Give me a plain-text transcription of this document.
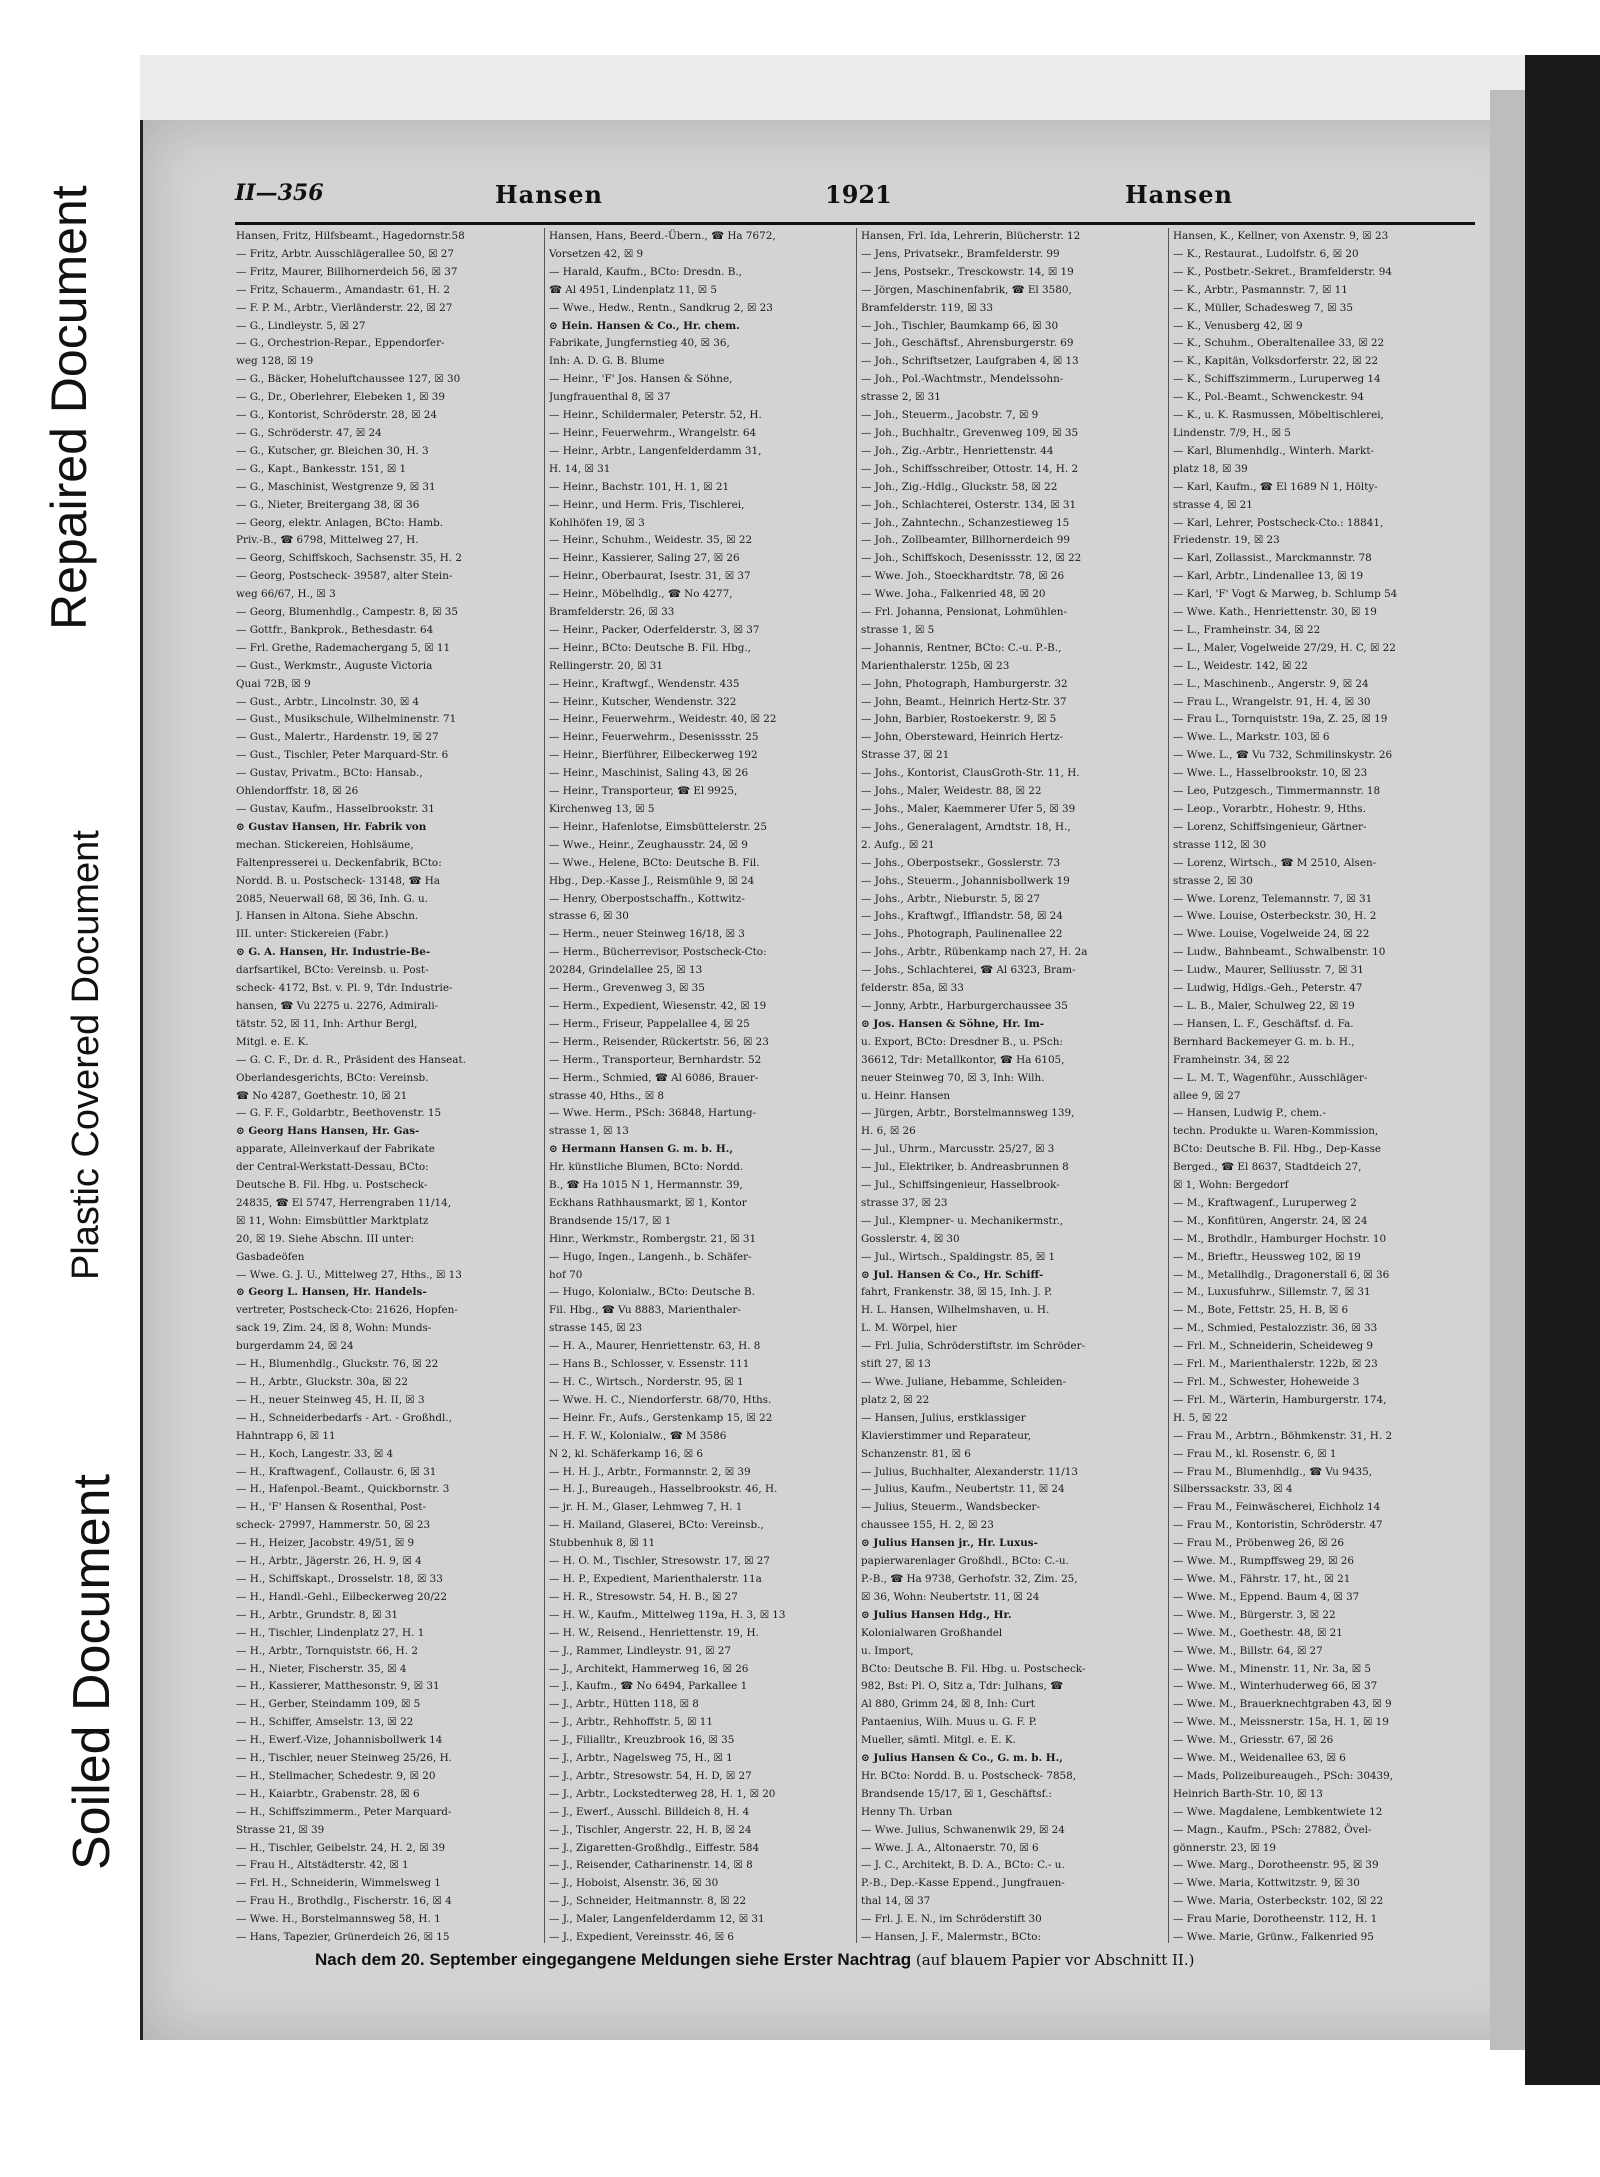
Repaired Document
Plastic Covered Document
Soiled Document
II—356	Hansen	1921	Hansen
Hansen, Fritz, Hilfsbeamt., Hagedornstr.58
— Fritz, Arbtr. Ausschlägerallee 50, ☒ 27
— Fritz, Maurer, Billhornerdeich 56, ☒ 37
— Fritz, Schauerm., Amandastr. 61, H. 2
— F. P. M., Arbtr., Vierländerstr. 22, ☒ 27
— G., Lindleystr. 5, ☒ 27
— G., Orchestrion-Repar., Eppendorfer-
weg 128, ☒ 19
— G., Bäcker, Hoheluftchaussee 127, ☒ 30
— G., Dr., Oberlehrer, Elebeken 1, ☒ 39
— G., Kontorist, Schröderstr. 28, ☒ 24
— G., Schröderstr. 47, ☒ 24
— G., Kutscher, gr. Bleichen 30, H. 3
— G., Kapt., Bankesstr. 151, ☒ 1
— G., Maschinist, Westgrenze 9, ☒ 31
— G., Nieter, Breitergang 38, ☒ 36
— Georg, elektr. Anlagen, BCto: Hamb.
Priv.-B., ☎ 6798, Mittelweg 27, H.
— Georg, Schiffskoch, Sachsenstr. 35, H. 2
— Georg, Postscheck- 39587, alter Stein-
weg 66/67, H., ☒ 3
— Georg, Blumenhdlg., Campestr. 8, ☒ 35
— Gottfr., Bankprok., Bethesdastr. 64
— Frl. Grethe, Rademachergang 5, ☒ 11
— Gust., Werkmstr., Auguste Victoria
Quai 72B, ☒ 9
— Gust., Arbtr., Lincolnstr. 30, ☒ 4
— Gust., Musikschule, Wilhelminenstr. 71
— Gust., Malertr., Hardenstr. 19, ☒ 27
— Gust., Tischler, Peter Marquard-Str. 6
— Gustav, Privatm., BCto: Hansab.,
Ohlendorffstr. 18, ☒ 26
— Gustav, Kaufm., Hasselbrookstr. 31
⊙ Gustav Hansen, Hr. Fabrik von
mechan. Stickereien, Hohlsäume,
Faltenpresserei u. Deckenfabrik, BCto:
Nordd. B. u. Postscheck- 13148, ☎ Ha
2085, Neuerwall 68, ☒ 36, Inh. G. u.
J. Hansen in Altona. Siehe Abschn.
III. unter: Stickereien (Fabr.)
⊙ G. A. Hansen, Hr. Industrie-Be-
darfsartikel, BCto: Vereinsb. u. Post-
scheck- 4172, Bst. v. Pl. 9, Tdr. Industrie-
hansen, ☎ Vu 2275 u. 2276, Admirali-
tätstr. 52, ☒ 11, Inh: Arthur Bergl,
Mitgl. e. E. K.
— G. C. F., Dr. d. R., Präsident des Hanseat.
Oberlandesgerichts, BCto: Vereinsb.
☎ No 4287, Goethestr. 10, ☒ 21
— G. F. F., Goldarbtr., Beethovenstr. 15
⊙ Georg Hans Hansen, Hr. Gas-
apparate, Alleinverkauf der Fabrikate
der Central-Werkstatt-Dessau, BCto:
Deutsche B. Fil. Hbg. u. Postscheck-
24835, ☎ El 5747, Herrengraben 11/14,
☒ 11, Wohn: Eimsbüttler Marktplatz
20, ☒ 19. Siehe Abschn. III unter:
Gasbadeöfen
— Wwe. G. J. U., Mittelweg 27, Hths., ☒ 13
⊙ Georg L. Hansen, Hr. Handels-
vertreter, Postscheck-Cto: 21626, Hopfen-
sack 19, Zim. 24, ☒ 8, Wohn: Munds-
burgerdamm 24, ☒ 24
— H., Blumenhdlg., Gluckstr. 76, ☒ 22
— H., Arbtr., Gluckstr. 30a, ☒ 22
— H., neuer Steinweg 45, H. II, ☒ 3
— H., Schneiderbedarfs - Art. - Großhdl.,
Hahntrapp 6, ☒ 11
— H., Koch, Langestr. 33, ☒ 4
— H., Kraftwagenf., Collaustr. 6, ☒ 31
— H., Hafenpol.-Beamt., Quickbornstr. 3
— H., 'F' Hansen & Rosenthal, Post-
scheck- 27997, Hammerstr. 50, ☒ 23
— H., Heizer, Jacobstr. 49/51, ☒ 9
— H., Arbtr., Jägerstr. 26, H. 9, ☒ 4
— H., Schiffskapt., Drosselstr. 18, ☒ 33
— H., Handl.-Gehl., Eilbeckerweg 20/22
— H., Arbtr., Grundstr. 8, ☒ 31
— H., Tischler, Lindenplatz 27, H. 1
— H., Arbtr., Tornquiststr. 66, H. 2
— H., Nieter, Fischerstr. 35, ☒ 4
— H., Kassierer, Matthesonstr. 9, ☒ 31
— H., Gerber, Steindamm 109, ☒ 5
— H., Schiffer, Amselstr. 13, ☒ 22
— H., Ewerf.-Vize, Johannisbollwerk 14
— H., Tischler, neuer Steinweg 25/26, H.
— H., Stellmacher, Schedestr. 9, ☒ 20
— H., Kaiarbtr., Grabenstr. 28, ☒ 6
— H., Schiffszimmerm., Peter Marquard-
Strasse 21, ☒ 39
— H., Tischler, Geibelstr. 24, H. 2, ☒ 39
— Frau H., Altstädterstr. 42, ☒ 1
— Frl. H., Schneiderin, Wimmelsweg 1
— Frau H., Brothdlg., Fischerstr. 16, ☒ 4
— Wwe. H., Borstelmannsweg 58, H. 1
— Hans, Tapezier, Grünerdeich 26, ☒ 15
Hansen, Hans, Beerd.-Übern., ☎ Ha 7672,
Vorsetzen 42, ☒ 9
— Harald, Kaufm., BCto: Dresdn. B.,
☎ Al 4951, Lindenplatz 11, ☒ 5
— Wwe., Hedw., Rentn., Sandkrug 2, ☒ 23
⊙ Hein. Hansen & Co., Hr. chem.
Fabrikate, Jungfernstieg 40, ☒ 36,
Inh: A. D. G. B. Blume
— Heinr., 'F' Jos. Hansen & Söhne,
Jungfrauenthal 8, ☒ 37
— Heinr., Schildermaler, Peterstr. 52, H.
— Heinr., Feuerwehrm., Wrangelstr. 64
— Heinr., Arbtr., Langenfelderdamm 31,
H. 14, ☒ 31
— Heinr., Bachstr. 101, H. 1, ☒ 21
— Heinr., und Herm. Fris, Tischlerei,
Kohlhöfen 19, ☒ 3
— Heinr., Schuhm., Weidestr. 35, ☒ 22
— Heinr., Kassierer, Saling 27, ☒ 26
— Heinr., Oberbaurat, Isestr. 31, ☒ 37
— Heinr., Möbelhdlg., ☎ No 4277,
Bramfelderstr. 26, ☒ 33
— Heinr., Packer, Oderfelderstr. 3, ☒ 37
— Heinr., BCto: Deutsche B. Fil. Hbg.,
Rellingerstr. 20, ☒ 31
— Heinr., Kraftwgf., Wendenstr. 435
— Heinr., Kutscher, Wendenstr. 322
— Heinr., Feuerwehrm., Weidestr. 40, ☒ 22
— Heinr., Feuerwehrm., Desenissstr. 25
— Heinr., Bierführer, Eilbeckerweg 192
— Heinr., Maschinist, Saling 43, ☒ 26
— Heinr., Transporteur, ☎ El 9925,
Kirchenweg 13, ☒ 5
— Heinr., Hafenlotse, Eimsbüttelerstr. 25
— Wwe., Heinr., Zeughausstr. 24, ☒ 9
— Wwe., Helene, BCto: Deutsche B. Fil.
Hbg., Dep.-Kasse J., Reismühle 9, ☒ 24
— Henry, Oberpostschaffn., Kottwitz-
strasse 6, ☒ 30
— Herm., neuer Steinweg 16/18, ☒ 3
— Herm., Bücherrevisor, Postscheck-Cto:
20284, Grindelallee 25, ☒ 13
— Herm., Grevenweg 3, ☒ 35
— Herm., Expedient, Wiesenstr. 42, ☒ 19
— Herm., Friseur, Pappelallee 4, ☒ 25
— Herm., Reisender, Rückertstr. 56, ☒ 23
— Herm., Transporteur, Bernhardstr. 52
— Herm., Schmied, ☎ Al 6086, Brauer-
strasse 40, Hths., ☒ 8
— Wwe. Herm., PSch: 36848, Hartung-
strasse 1, ☒ 13
⊙ Hermann Hansen G. m. b. H.,
Hr. künstliche Blumen, BCto: Nordd.
B., ☎ Ha 1015 N 1, Hermannstr. 39,
Eckhans Rathhausmarkt, ☒ 1, Kontor
Brandsende 15/17, ☒ 1
Hinr., Werkmstr., Rombergstr. 21, ☒ 31
— Hugo, Ingen., Langenh., b. Schäfer-
hof 70
— Hugo, Kolonialw., BCto: Deutsche B.
Fil. Hbg., ☎ Vu 8883, Marienthaler-
strasse 145, ☒ 23
— H. A., Maurer, Henriettenstr. 63, H. 8
— Hans B., Schlosser, v. Essenstr. 111
— H. C., Wirtsch., Norderstr. 95, ☒ 1
— Wwe. H. C., Niendorferstr. 68/70, Hths.
— Heinr. Fr., Aufs., Gerstenkamp 15, ☒ 22
— H. F. W., Kolonialw., ☎ M 3586
N 2, kl. Schäferkamp 16, ☒ 6
— H. H. J., Arbtr., Formannstr. 2, ☒ 39
— H. J., Bureaugeh., Hasselbrookstr. 46, H.
— jr. H. M., Glaser, Lehmweg 7, H. 1
— H. Mailand, Glaserei, BCto: Vereinsb.,
Stubbenhuk 8, ☒ 11
— H. O. M., Tischler, Stresowstr. 17, ☒ 27
— H. P., Expedient, Marienthalerstr. 11a
— H. R., Stresowstr. 54, H. B., ☒ 27
— H. W., Kaufm., Mittelweg 119a, H. 3, ☒ 13
— H. W., Reisend., Henriettenstr. 19, H.
— J., Rammer, Lindleystr. 91, ☒ 27
— J., Architekt, Hammerweg 16, ☒ 26
— J., Kaufm., ☎ No 6494, Parkallee 1
— J., Arbtr., Hütten 118, ☒ 8
— J., Arbtr., Rehhoffstr. 5, ☒ 11
— J., Filialltr., Kreuzbrook 16, ☒ 35
— J., Arbtr., Nagelsweg 75, H., ☒ 1
— J., Arbtr., Stresowstr. 54, H. D, ☒ 27
— J., Arbtr., Lockstedterweg 28, H. 1, ☒ 20
— J., Ewerf., Ausschl. Billdeich 8, H. 4
— J., Tischler, Angerstr. 22, H. B, ☒ 24
— J., Zigaretten-Großhdlg., Eiffestr. 584
— J., Reisender, Catharinenstr. 14, ☒ 8
— J., Hoboist, Alsenstr. 36, ☒ 30
— J., Schneider, Heitmannstr. 8, ☒ 22
— J., Maler, Langenfelderdamm 12, ☒ 31
— J., Expedient, Vereinsstr. 46, ☒ 6
Hansen, Frl. Ida, Lehrerin, Blücherstr. 12
— Jens, Privatsekr., Bramfelderstr. 99
— Jens, Postsekr., Tresckowstr. 14, ☒ 19
— Jörgen, Maschinenfabrik, ☎ El 3580,
Bramfelderstr. 119, ☒ 33
— Joh., Tischler, Baumkamp 66, ☒ 30
— Joh., Geschäftsf., Ahrensburgerstr. 69
— Joh., Schriftsetzer, Laufgraben 4, ☒ 13
— Joh., Pol.-Wachtmstr., Mendelssohn-
strasse 2, ☒ 31
— Joh., Steuerm., Jacobstr. 7, ☒ 9
— Joh., Buchhaltr., Grevenweg 109, ☒ 35
— Joh., Zig.-Arbtr., Henriettenstr. 44
— Joh., Schiffsschreiber, Ottostr. 14, H. 2
— Joh., Zig.-Hdlg., Gluckstr. 58, ☒ 22
— Joh., Schlachterei, Osterstr. 134, ☒ 31
— Joh., Zahntechn., Schanzestieweg 15
— Joh., Zollbeamter, Billhornerdeich 99
— Joh., Schiffskoch, Desenissstr. 12, ☒ 22
— Wwe. Joh., Stoeckhardtstr. 78, ☒ 26
— Wwe. Joha., Falkenried 48, ☒ 20
— Frl. Johanna, Pensionat, Lohmühlen-
strasse 1, ☒ 5
— Johannis, Rentner, BCto: C.-u. P.-B.,
Marienthalerstr. 125b, ☒ 23
— John, Photograph, Hamburgerstr. 32
— John, Beamt., Heinrich Hertz-Str. 37
— John, Barbier, Rostoekerstr. 9, ☒ 5
— John, Obersteward, Heinrich Hertz-
Strasse 37, ☒ 21
— Johs., Kontorist, ClausGroth-Str. 11, H.
— Johs., Maler, Weidestr. 88, ☒ 22
— Johs., Maler, Kaemmerer Ufer 5, ☒ 39
— Johs., Generalagent, Arndtstr. 18, H.,
2. Aufg., ☒ 21
— Johs., Oberpostsekr., Gosslerstr. 73
— Johs., Steuerm., Johannisbollwerk 19
— Johs., Arbtr., Nieburstr. 5, ☒ 27
— Johs., Kraftwgf., Ifflandstr. 58, ☒ 24
— Johs., Photograph, Paulinenallee 22
— Johs., Arbtr., Rübenkamp nach 27, H. 2a
— Johs., Schlachterei, ☎ Al 6323, Bram-
felderstr. 85a, ☒ 33
— Jonny, Arbtr., Harburgerchaussee 35
⊙ Jos. Hansen & Söhne, Hr. Im-
u. Export, BCto: Dresdner B., u. PSch:
36612, Tdr: Metallkontor, ☎ Ha 6105,
neuer Steinweg 70, ☒ 3, Inh: Wilh.
u. Heinr. Hansen
— Jürgen, Arbtr., Borstelmannsweg 139,
H. 6, ☒ 26
— Jul., Uhrm., Marcusstr. 25/27, ☒ 3
— Jul., Elektriker, b. Andreasbrunnen 8
— Jul., Schiffsingenieur, Hasselbrook-
strasse 37, ☒ 23
— Jul., Klempner- u. Mechanikermstr.,
Gosslerstr. 4, ☒ 30
— Jul., Wirtsch., Spaldingstr. 85, ☒ 1
⊙ Jul. Hansen & Co., Hr. Schiff-
fahrt, Frankenstr. 38, ☒ 15, Inh. J. P.
H. L. Hansen, Wilhelmshaven, u. H.
L. M. Wörpel, hier
— Frl. Julia, Schröderstiftstr. im Schröder-
stift 27, ☒ 13
— Wwe. Juliane, Hebamme, Schleiden-
platz 2, ☒ 22
— Hansen, Julius, erstklassiger
Klavierstimmer und Reparateur,
Schanzenstr. 81, ☒ 6
— Julius, Buchhalter, Alexanderstr. 11/13
— Julius, Kaufm., Neubertstr. 11, ☒ 24
— Julius, Steuerm., Wandsbecker-
chaussee 155, H. 2, ☒ 23
⊙ Julius Hansen jr., Hr. Luxus-
papierwarenlager Großhdl., BCto: C.-u.
P.-B., ☎ Ha 9738, Gerhofstr. 32, Zim. 25,
☒ 36, Wohn: Neubertstr. 11, ☒ 24
⊙ Julius Hansen Hdg., Hr.
Kolonialwaren Großhandel
u. Import,
BCto: Deutsche B. Fil. Hbg. u. Postscheck-
982, Bst: Pl. O, Sitz a, Tdr: Julhans, ☎
Al 880, Grimm 24, ☒ 8, Inh: Curt
Pantaenius, Wilh. Muus u. G. F. P.
Mueller, sämtl. Mitgl. e. E. K.
⊙ Julius Hansen & Co., G. m. b. H.,
Hr. BCto: Nordd. B. u. Postscheck- 7858,
Brandsende 15/17, ☒ 1, Geschäftsf.:
Henny Th. Urban
— Wwe. Julius, Schwanenwik 29, ☒ 24
— Wwe. J. A., Altonaerstr. 70, ☒ 6
— J. C., Architekt, B. D. A., BCto: C.- u.
P.-B., Dep.-Kasse Eppend., Jungfrauen-
thal 14, ☒ 37
— Frl. J. E. N., im Schröderstift 30
— Hansen, J. F., Malermstr., BCto:
Hansen, K., Kellner, von Axenstr. 9, ☒ 23
— K., Restaurat., Ludolfstr. 6, ☒ 20
— K., Postbetr.-Sekret., Bramfelderstr. 94
— K., Arbtr., Pasmannstr. 7, ☒ 11
— K., Müller, Schadesweg 7, ☒ 35
— K., Venusberg 42, ☒ 9
— K., Schuhm., Oberaltenallee 33, ☒ 22
— K., Kapitän, Volksdorferstr. 22, ☒ 22
— K., Schiffszimmerm., Luruperweg 14
— K., Pol.-Beamt., Schwenckestr. 94
— K., u. K. Rasmussen, Möbeltischlerei,
Lindenstr. 7/9, H., ☒ 5
— Karl, Blumenhdlg., Winterh. Markt-
platz 18, ☒ 39
— Karl, Kaufm., ☎ El 1689 N 1, Hölty-
strasse 4, ☒ 21
— Karl, Lehrer, Postscheck-Cto.: 18841,
Friedenstr. 19, ☒ 23
— Karl, Zollassist., Marckmannstr. 78
— Karl, Arbtr., Lindenallee 13, ☒ 19
— Karl, 'F' Vogt & Marweg, b. Schlump 54
— Wwe. Kath., Henriettenstr. 30, ☒ 19
— L., Framheinstr. 34, ☒ 22
— L., Maler, Vogelweide 27/29, H. C, ☒ 22
— L., Weidestr. 142, ☒ 22
— L., Maschinenb., Angerstr. 9, ☒ 24
— Frau L., Wrangelstr. 91, H. 4, ☒ 30
— Frau L., Tornquiststr. 19a, Z. 25, ☒ 19
— Wwe. L., Markstr. 103, ☒ 6
— Wwe. L., ☎ Vu 732, Schmilinskystr. 26
— Wwe. L., Hasselbrookstr. 10, ☒ 23
— Leo, Putzgesch., Timmermannstr. 18
— Leop., Vorarbtr., Hohestr. 9, Hths.
— Lorenz, Schiffsingenieur, Gärtner-
strasse 112, ☒ 30
— Lorenz, Wirtsch., ☎ M 2510, Alsen-
strasse 2, ☒ 30
— Wwe. Lorenz, Telemannstr. 7, ☒ 31
— Wwe. Louise, Osterbeckstr. 30, H. 2
— Wwe. Louise, Vogelweide 24, ☒ 22
— Ludw., Bahnbeamt., Schwalbenstr. 10
— Ludw., Maurer, Selliusstr. 7, ☒ 31
— Ludwig, Hdlgs.-Geh., Peterstr. 47
— L. B., Maler, Schulweg 22, ☒ 19
— Hansen, L. F., Geschäftsf. d. Fa.
Bernhard Backemeyer G. m. b. H.,
Framheinstr. 34, ☒ 22
— L. M. T., Wagenführ., Ausschläger-
allee 9, ☒ 27
— Hansen, Ludwig P., chem.-
techn. Produkte u. Waren-Kommission,
BCto: Deutsche B. Fil. Hbg., Dep-Kasse
Berged., ☎ El 8637, Stadtdeich 27,
☒ 1, Wohn: Bergedorf
— M., Kraftwagenf., Luruperweg 2
— M., Konfitüren, Angerstr. 24, ☒ 24
— M., Brothdlr., Hamburger Hochstr. 10
— M., Brieftr., Heussweg 102, ☒ 19
— M., Metallhdlg., Dragonerstall 6, ☒ 36
— M., Luxusfuhrw., Sillemstr. 7, ☒ 31
— M., Bote, Fettstr. 25, H. B, ☒ 6
— M., Schmied, Pestalozzistr. 36, ☒ 33
— Frl. M., Schneiderin, Scheideweg 9
— Frl. M., Marienthalerstr. 122b, ☒ 23
— Frl. M., Schwester, Hoheweide 3
— Frl. M., Wärterin, Hamburgerstr. 174,
H. 5, ☒ 22
— Frau M., Arbtrn., Böhmkenstr. 31, H. 2
— Frau M., kl. Rosenstr. 6, ☒ 1
— Frau M., Blumenhdlg., ☎ Vu 9435,
Silberssackstr. 33, ☒ 4
— Frau M., Feinwäscherei, Eichholz 14
— Frau M., Kontoristin, Schröderstr. 47
— Frau M., Pröbenweg 26, ☒ 26
— Wwe. M., Rumpffsweg 29, ☒ 26
— Wwe. M., Fährstr. 17, ht., ☒ 21
— Wwe. M., Eppend. Baum 4, ☒ 37
— Wwe. M., Bürgerstr. 3, ☒ 22
— Wwe. M., Goethestr. 48, ☒ 21
— Wwe. M., Billstr. 64, ☒ 27
— Wwe. M., Minenstr. 11, Nr. 3a, ☒ 5
— Wwe. M., Winterhuderweg 66, ☒ 37
— Wwe. M., Brauerknechtgraben 43, ☒ 9
— Wwe. M., Meissnerstr. 15a, H. 1, ☒ 19
— Wwe. M., Griesstr. 67, ☒ 26
— Wwe. M., Weidenallee 63, ☒ 6
— Mads, Polizeibureaugeh., PSch: 30439,
Heinrich Barth-Str. 10, ☒ 13
— Wwe. Magdalene, Lembkentwiete 12
— Magn., Kaufm., PSch: 27882, Övel-
gönnerstr. 23, ☒ 19
— Wwe. Marg., Dorotheenstr. 95, ☒ 39
— Wwe. Maria, Kottwitzstr. 9, ☒ 30
— Wwe. Maria, Osterbeckstr. 102, ☒ 22
— Frau Marie, Dorotheenstr. 112, H. 1
— Wwe. Marie, Grünw., Falkenried 95
Nach dem 20. September eingegangene Meldungen siehe Erster Nachtrag (auf blauem Papier vor Abschnitt II.)
